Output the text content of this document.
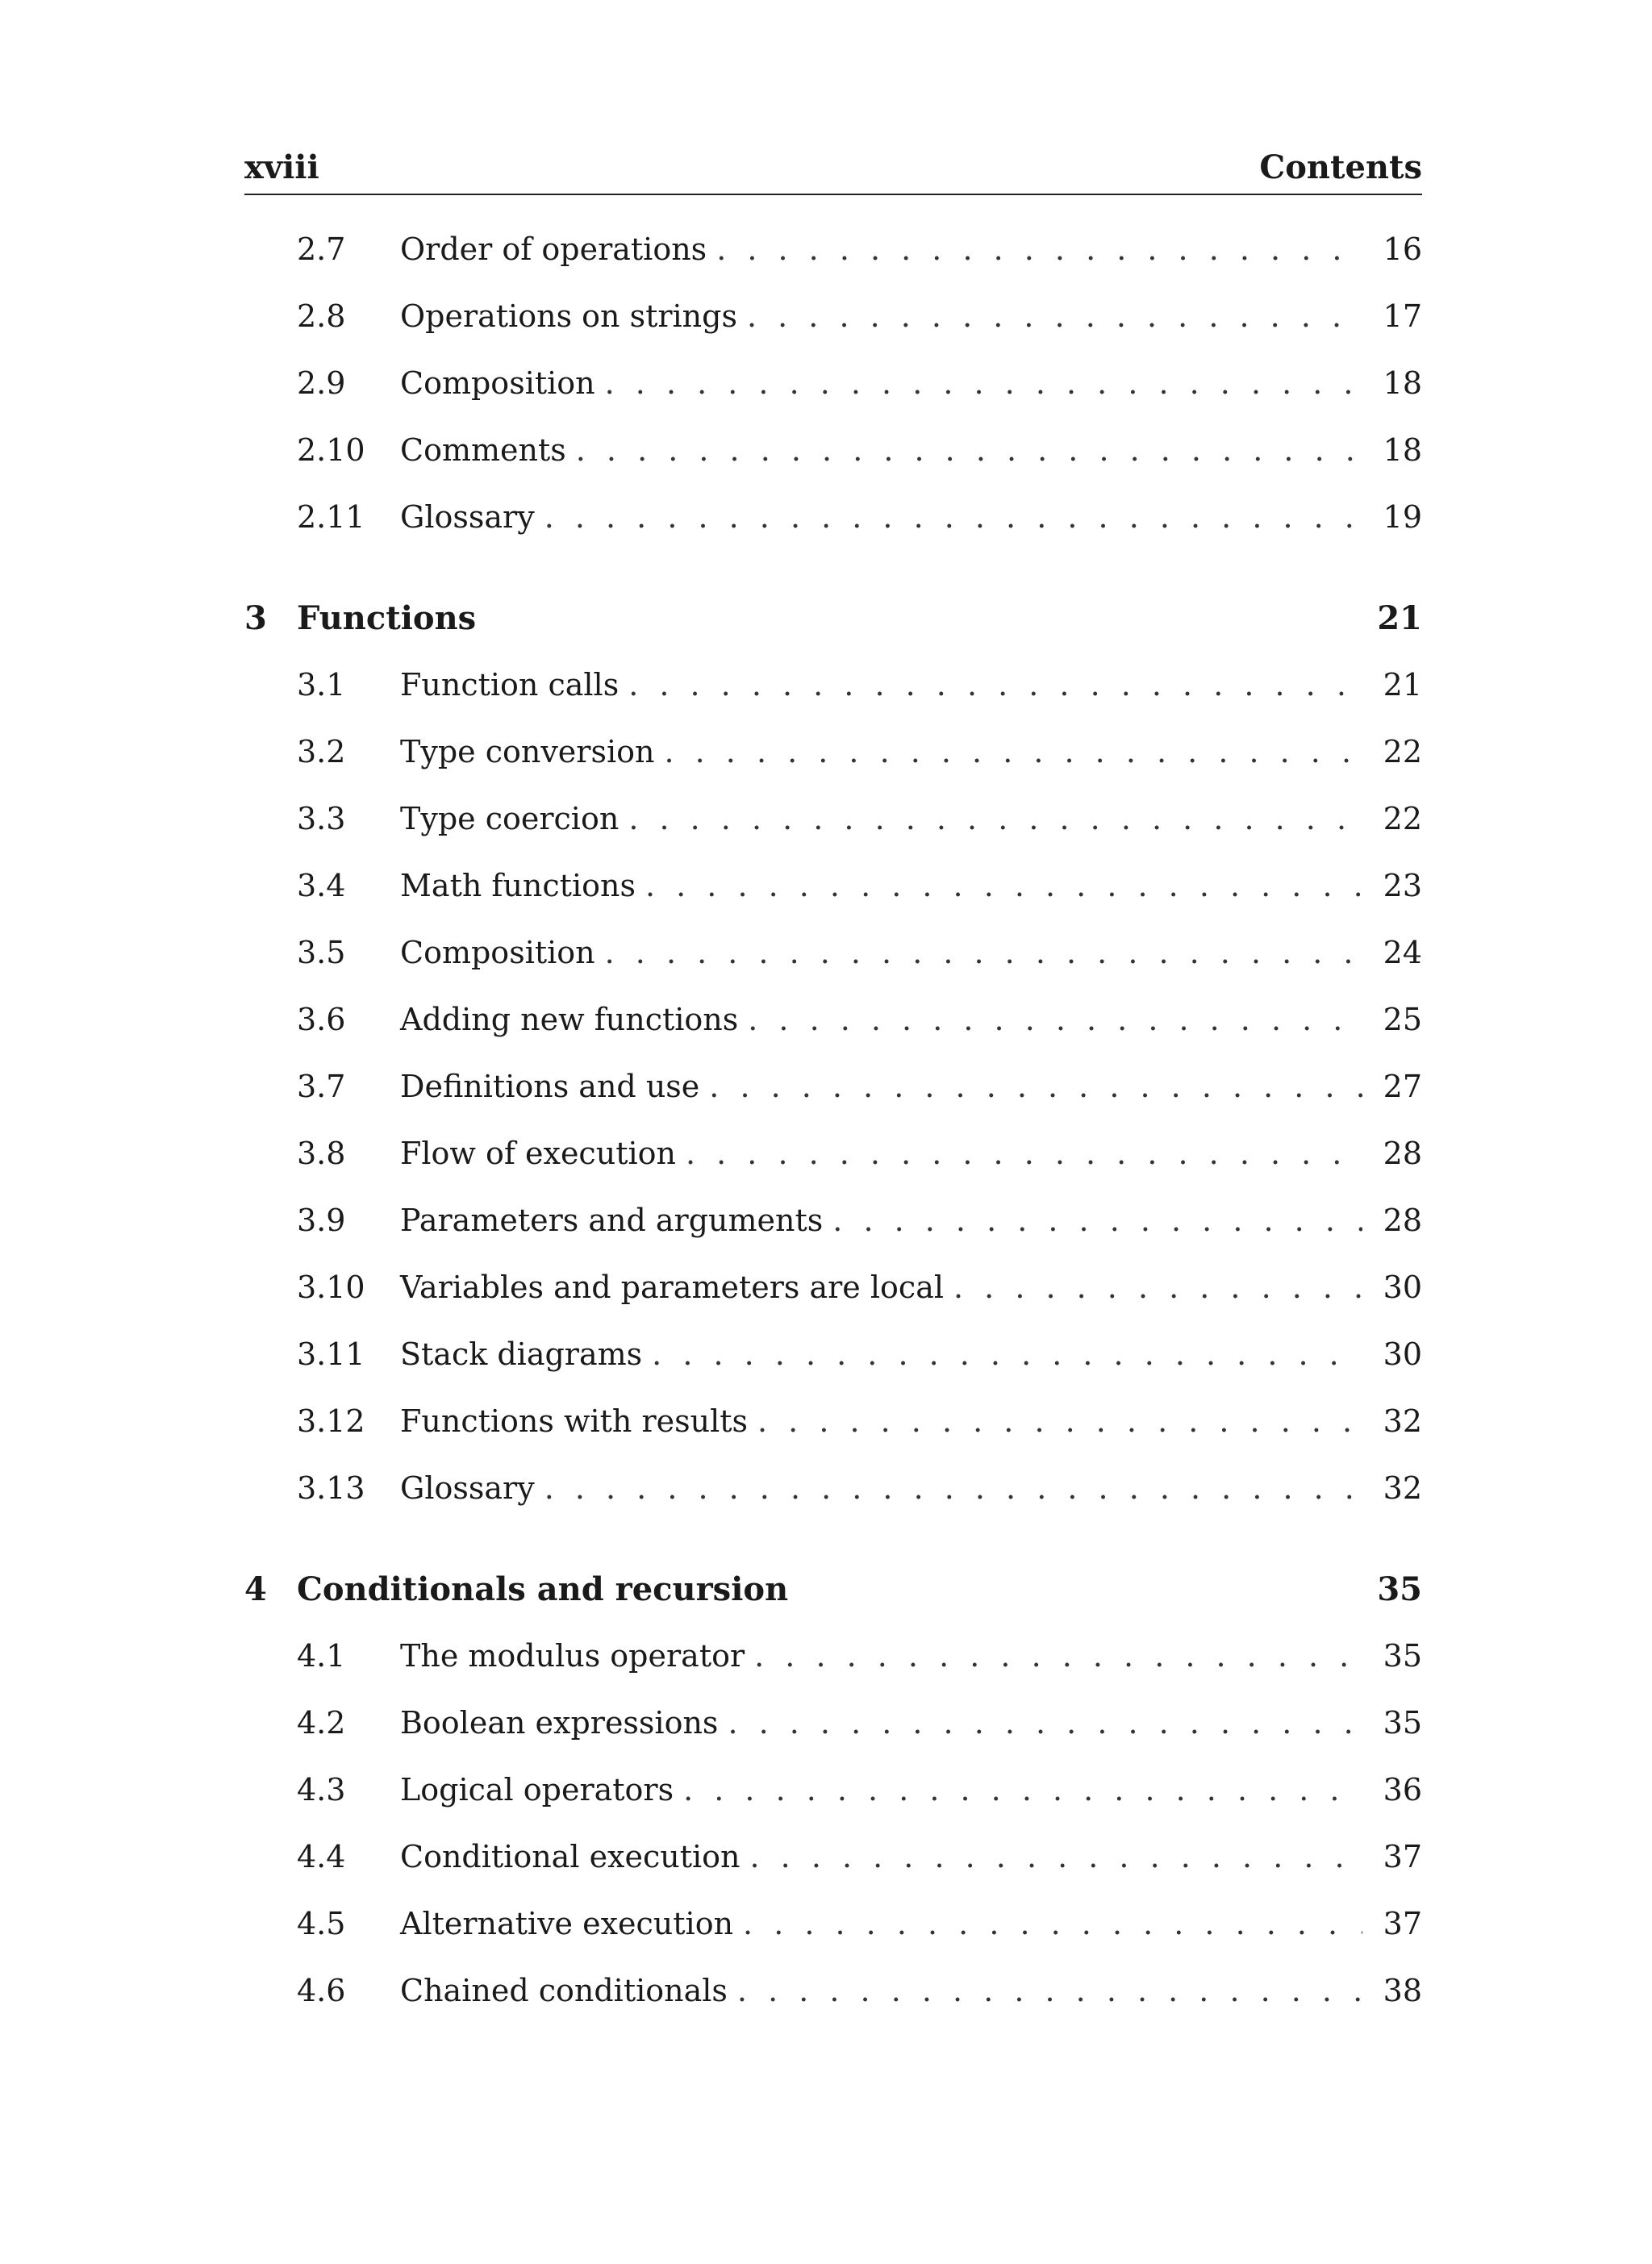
xviii	Contents
2.7 Order of operations . . .	16
2.8 Operations on strings . . .	17
2.9 Composition . . .	18
2.10 Comments . . .	18
2.11 Glossary . . .	19
3 Functions	21
3.1 Function calls . . .	21
3.2 Type conversion . . .	22
3.3 Type coercion . . .	22
3.4 Math functions . . .	23
3.5 Composition . . .	24
3.6 Adding new functions . . .	25
3.7 Definitions and use . . .	27
3.8 Flow of execution . . .	28
3.9 Parameters and arguments . . .	28
3.10 Variables and parameters are local . . .	30
3.11 Stack diagrams . . .	30
3.12 Functions with results . . .	32
3.13 Glossary . . .	32
4 Conditionals and recursion	35
4.1 The modulus operator . . .	35
4.2 Boolean expressions . . .	35
4.3 Logical operators . . .	36
4.4 Conditional execution . . .	37
4.5 Alternative execution . . .	37
4.6 Chained conditionals . . .	38
